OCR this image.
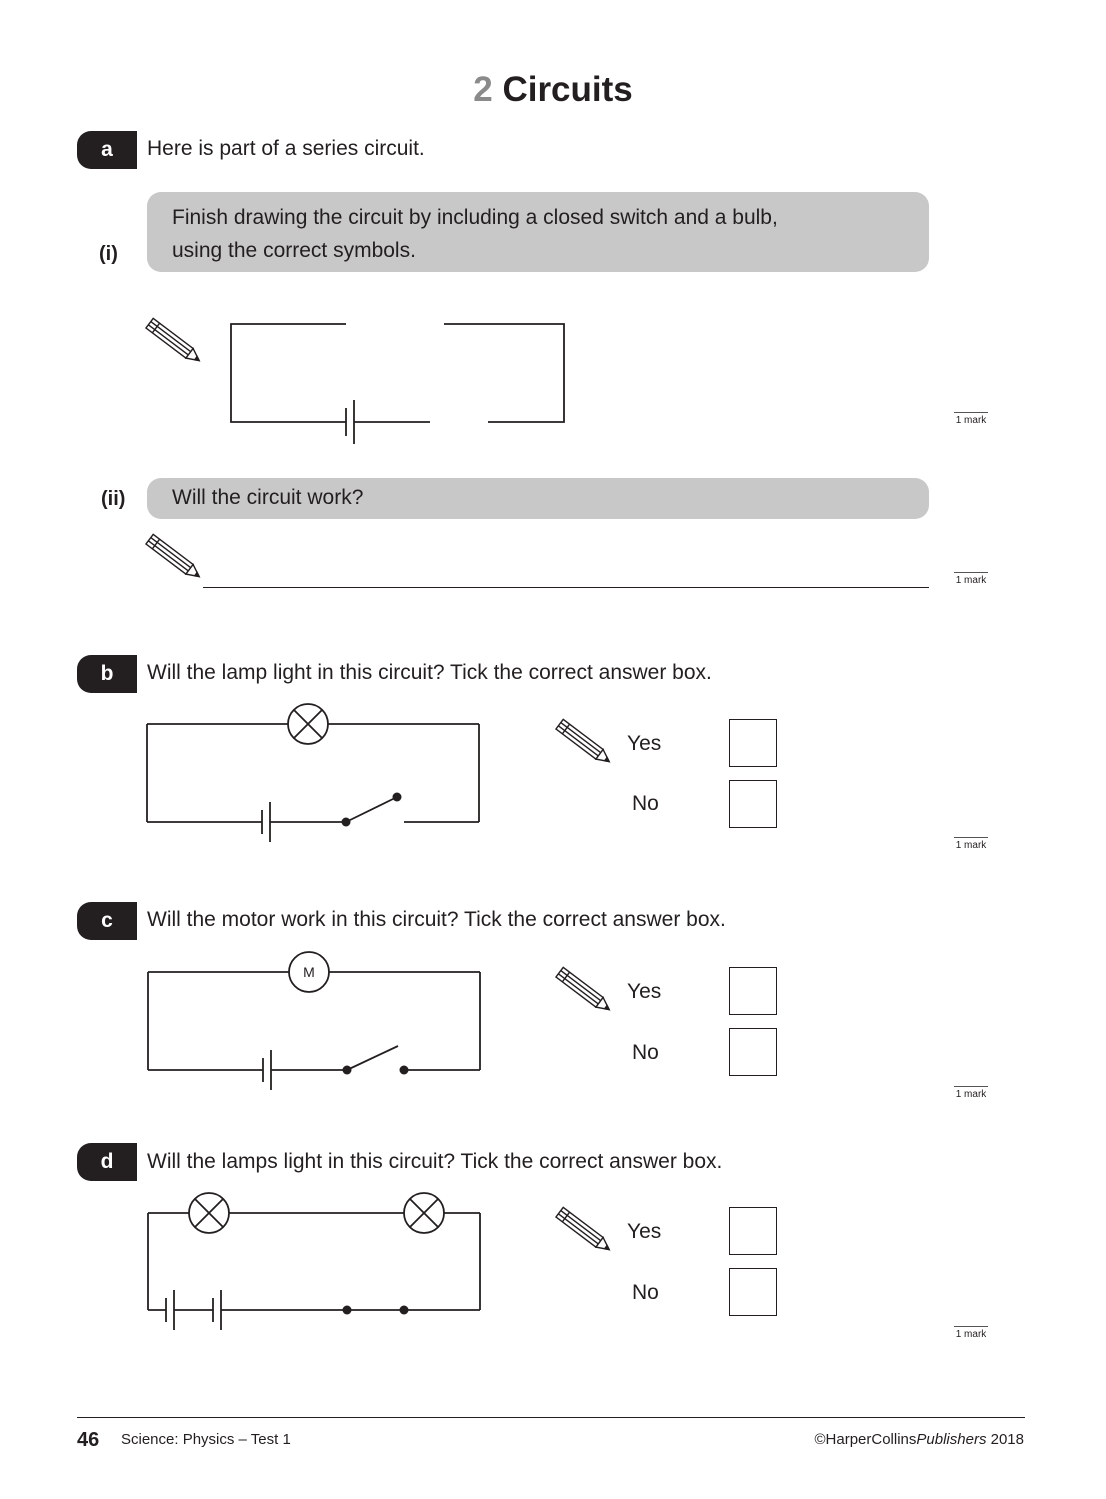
2 Circuits
a	Here is part of a series circuit.
(i)
Finish drawing the circuit by including a closed switch and a bulb,
using the correct symbols.
1 mark
(ii) Will the circuit work?
1 mark
b	Will the lamp light in this circuit? Tick the correct answer box.
Yes
No
1 mark
c	Will the motor work in this circuit? Tick the correct answer box.
M
Yes
No
1 mark
d	Will the lamps light in this circuit? Tick the correct answer box.
Yes
No
1 mark
46 Science: Physics – Test 1	©HarperCollinsPublishers 2018
